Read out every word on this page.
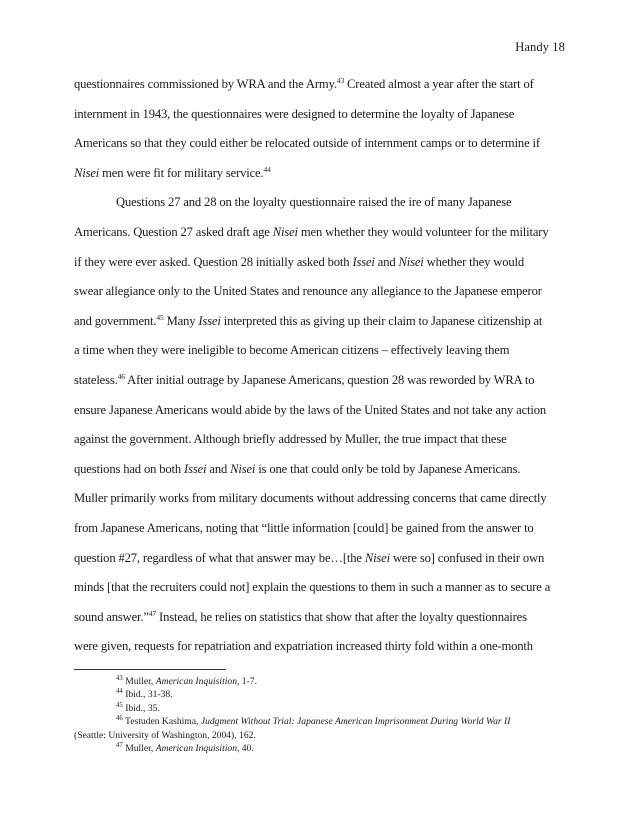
Handy 18
questionnaires commissioned by WRA and the Army.$^{43}$ Created almost a year after the start of
internment in 1943, the questionnaires were designed to determine the loyalty of Japanese
Americans so that they could either be relocated outside of internment camps or to determine if
Nisei men were fit for military service.$^{44}$
Questions 27 and 28 on the loyalty questionnaire raised the ire of many Japanese
Americans. Question 27 asked draft age Nisei men whether they would volunteer for the military
if they were ever asked. Question 28 initially asked both Issei and Nisei whether they would
swear allegiance only to the United States and renounce any allegiance to the Japanese emperor
and government.$^{45}$ Many Issei interpreted this as giving up their claim to Japanese citizenship at
a time when they were ineligible to become American citizens – effectively leaving them
stateless.$^{46}$ After initial outrage by Japanese Americans, question 28 was reworded by WRA to
ensure Japanese Americans would abide by the laws of the United States and not take any action
against the government. Although briefly addressed by Muller, the true impact that these
questions had on both Issei and Nisei is one that could only be told by Japanese Americans.
Muller primarily works from military documents without addressing concerns that came directly
from Japanese Americans, noting that “little information [could] be gained from the answer to
question #27, regardless of what that answer may be…[the Nisei were so] confused in their own
minds [that the recruiters could not] explain the questions to them in such a manner as to secure a
sound answer.”$^{47}$ Instead, he relies on statistics that show that after the loyalty questionnaires
were given, requests for repatriation and expatriation increased thirty fold within a one-month
$^{43}$ Muller, American Inquisition, 1-7.
$^{44}$ Ibid., 31-38.
$^{45}$ Ibid., 35.
$^{46}$ Testuden Kashima, Judgment Without Trial: Japanese American Imprisonment During World War II
(Seattle: University of Washington, 2004), 162.
$^{47}$ Muller, American Inquisition, 40.
